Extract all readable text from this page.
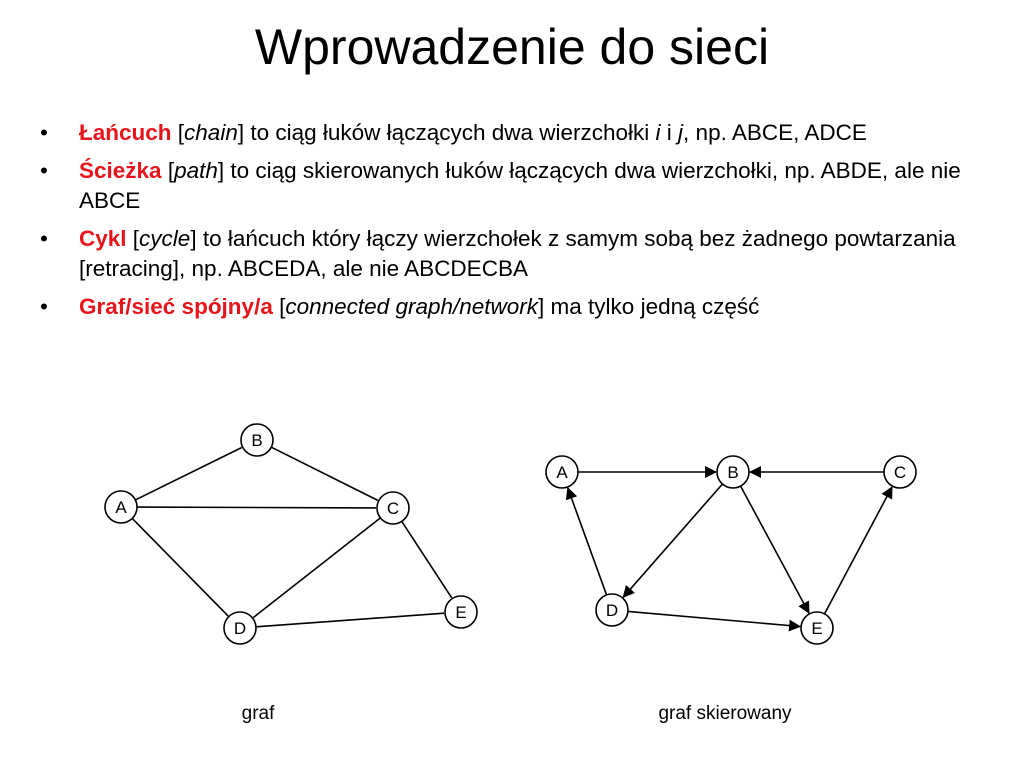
Wprowadzenie do sieci
• Łańcuch [chain] to ciąg łuków łączących dwa wierzchołki i i j, np. ABCE, ADCE
• Ścieżka [path] to ciąg skierowanych łuków łączących dwa wierzchołki, np. ABDE, ale nie ABCE
• Cykl [cycle] to łańcuch który łączy wierzchołek z samym sobą bez żadnego powtarzania [retracing], np. ABCEDA, ale nie ABCDECBA
• Graf/sieć spójny/a [connected graph/network] ma tylko jedną część
A
B
C
D
E
A	B	C
D
E
graf	graf skierowany
